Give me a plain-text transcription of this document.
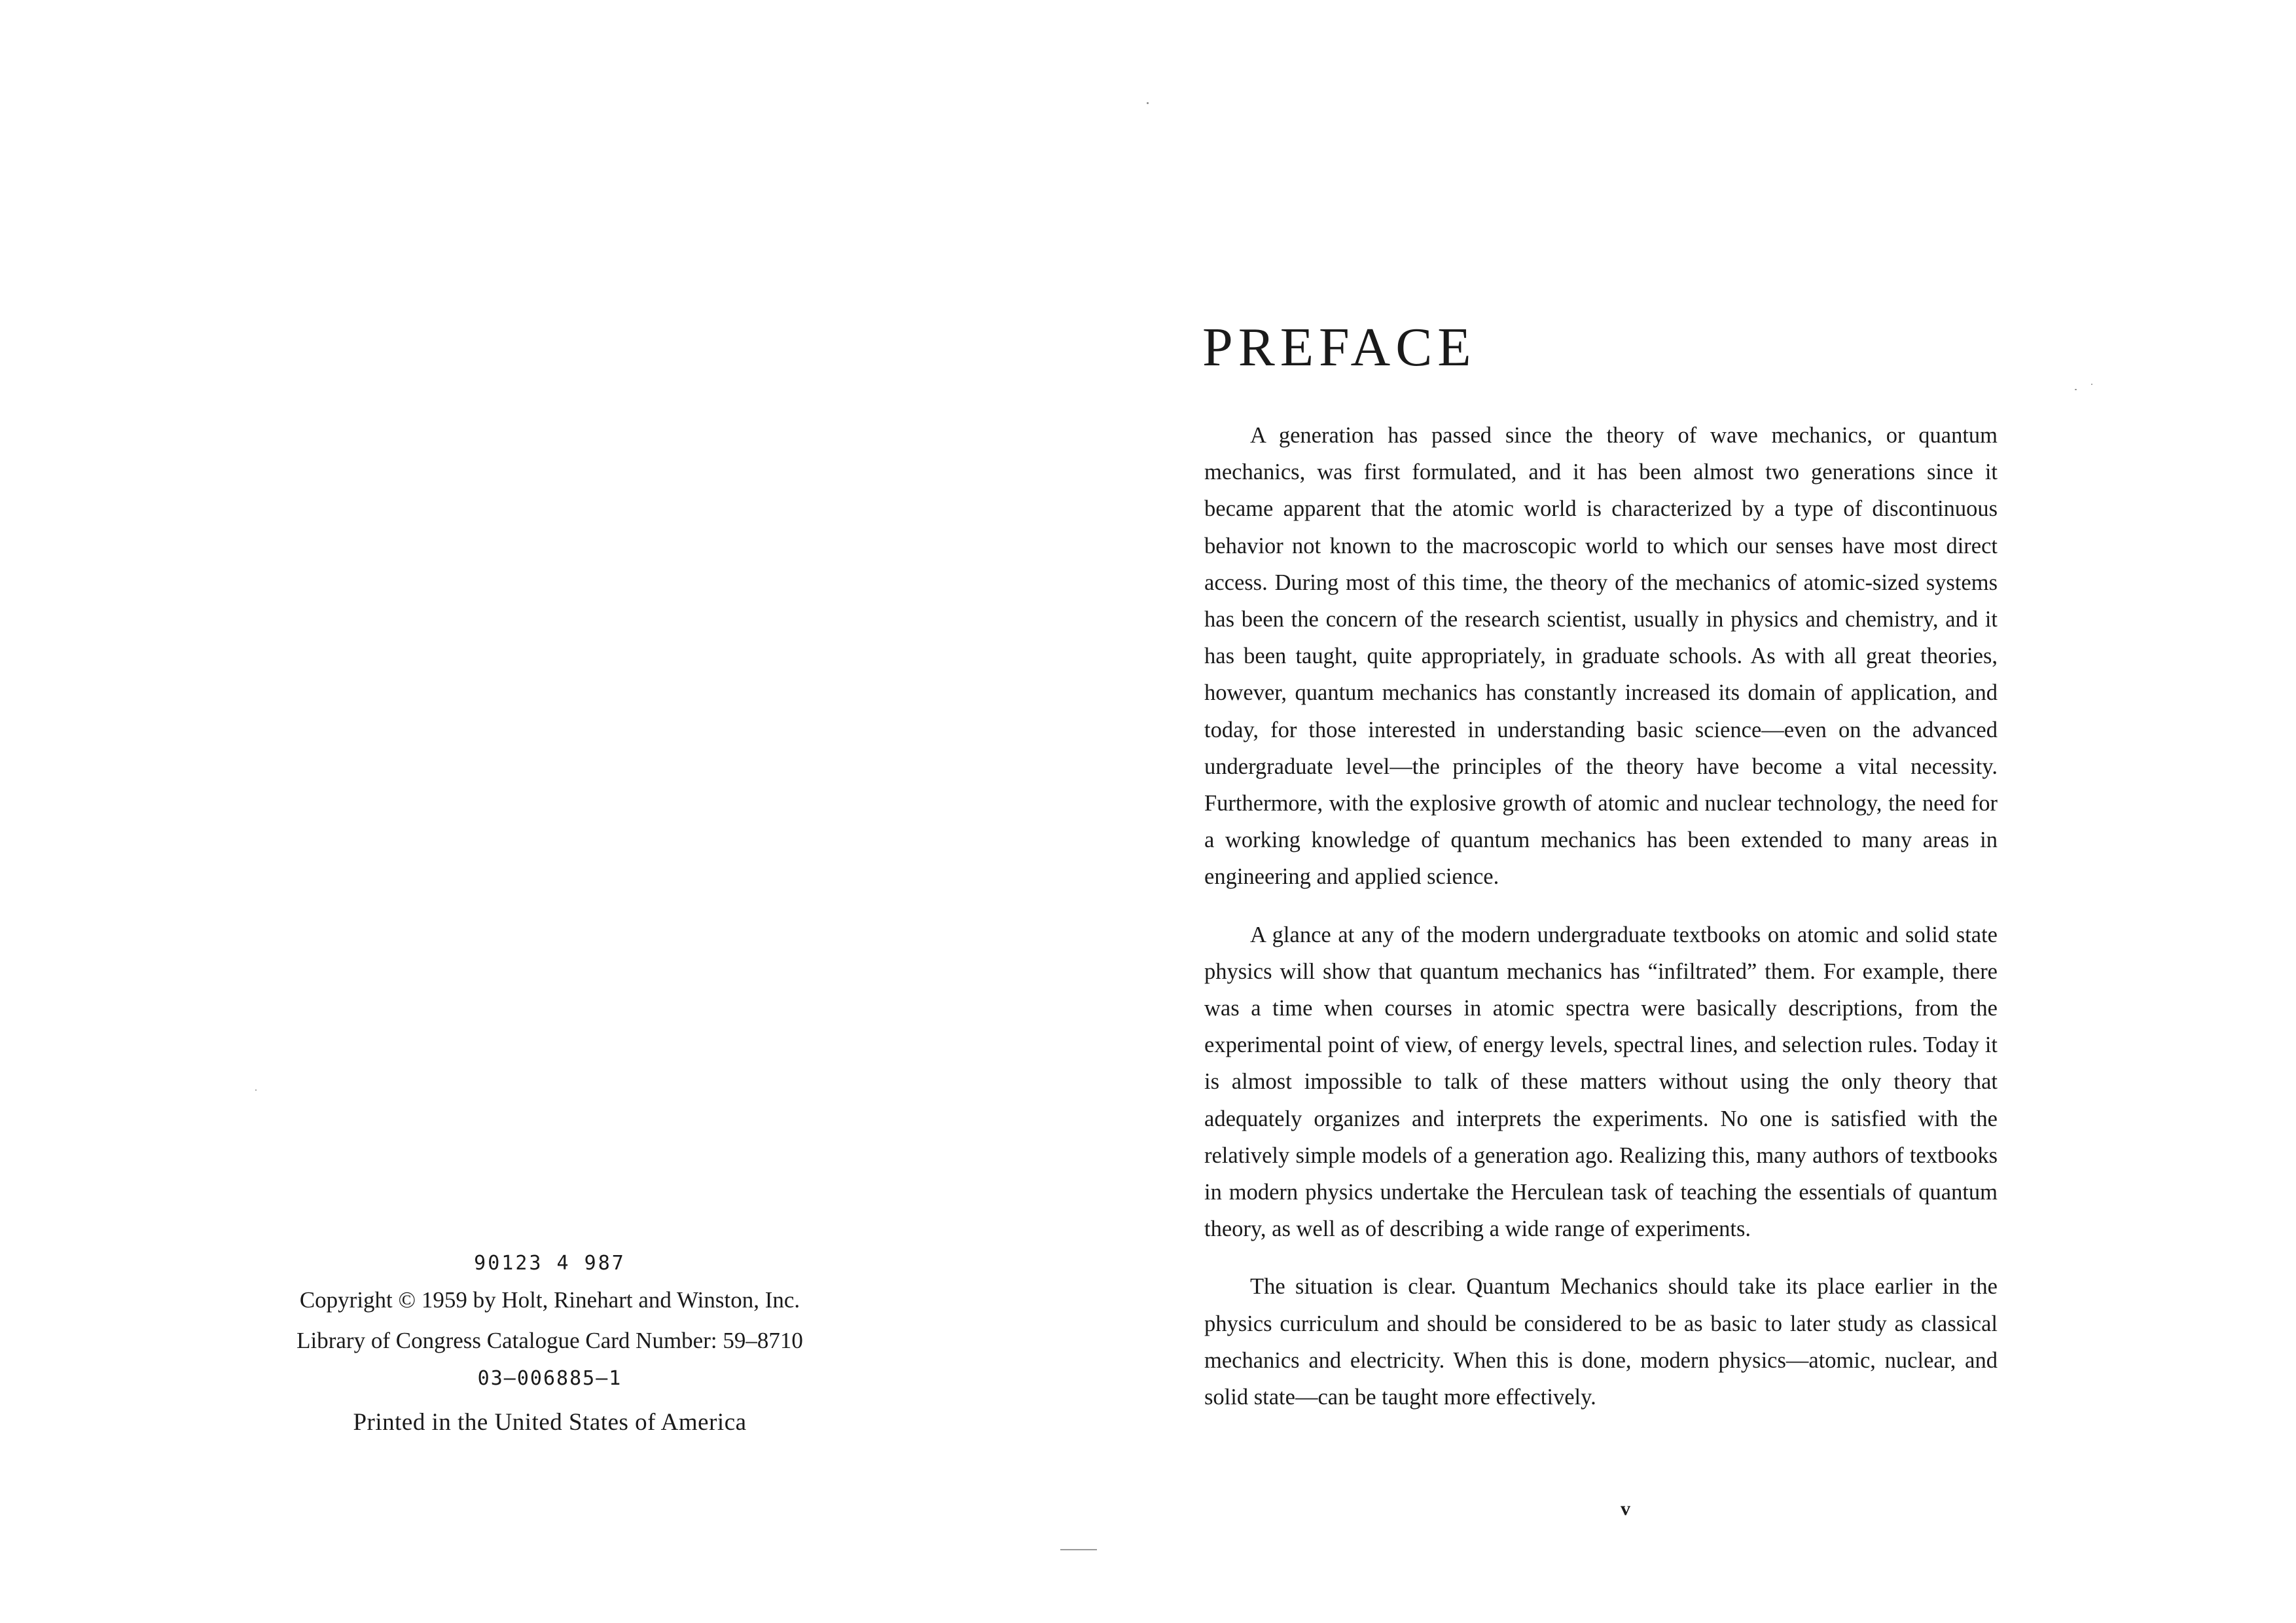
90123 4 987
Copyright © 1959 by Holt, Rinehart and Winston, Inc.
Library of Congress Catalogue Card Number: 59–8710
03–006885–1
Printed in the United States of America
PREFACE

A generation has passed since the theory of wave mechanics, or quantum mechanics, was first formulated, and it has been almost two generations since it became apparent that the atomic world is characterized by a type of discontinuous behavior not known to the macroscopic world to which our senses have most direct access. During most of this time, the theory of the mechanics of atomic-sized systems has been the concern of the research scientist, usually in physics and chemistry, and it has been taught, quite appropriately, in graduate schools. As with all great theories, however, quantum mechanics has constantly increased its domain of application, and today, for those interested in understanding basic science—even on the advanced undergraduate level—the principles of the theory have become a vital necessity. Furthermore, with the explosive growth of atomic and nuclear technology, the need for a working knowledge of quantum mechanics has been extended to many areas in engineering and applied science.

A glance at any of the modern undergraduate textbooks on atomic and solid state physics will show that quantum mechanics has “infiltrated” them. For example, there was a time when courses in atomic spectra were basically descriptions, from the experimental point of view, of energy levels, spectral lines, and selection rules. Today it is almost impossible to talk of these matters without using the only theory that adequately organizes and interprets the experiments. No one is satisfied with the relatively simple models of a generation ago. Realizing this, many authors of textbooks in modern physics undertake the Herculean task of teaching the essentials of quantum theory, as well as of describing a wide range of experiments.

The situation is clear. Quantum Mechanics should take its place earlier in the physics curriculum and should be considered to be as basic to later study as classical mechanics and electricity. When this is done, modern physics—atomic, nuclear, and solid state—can be taught more effectively.

v
